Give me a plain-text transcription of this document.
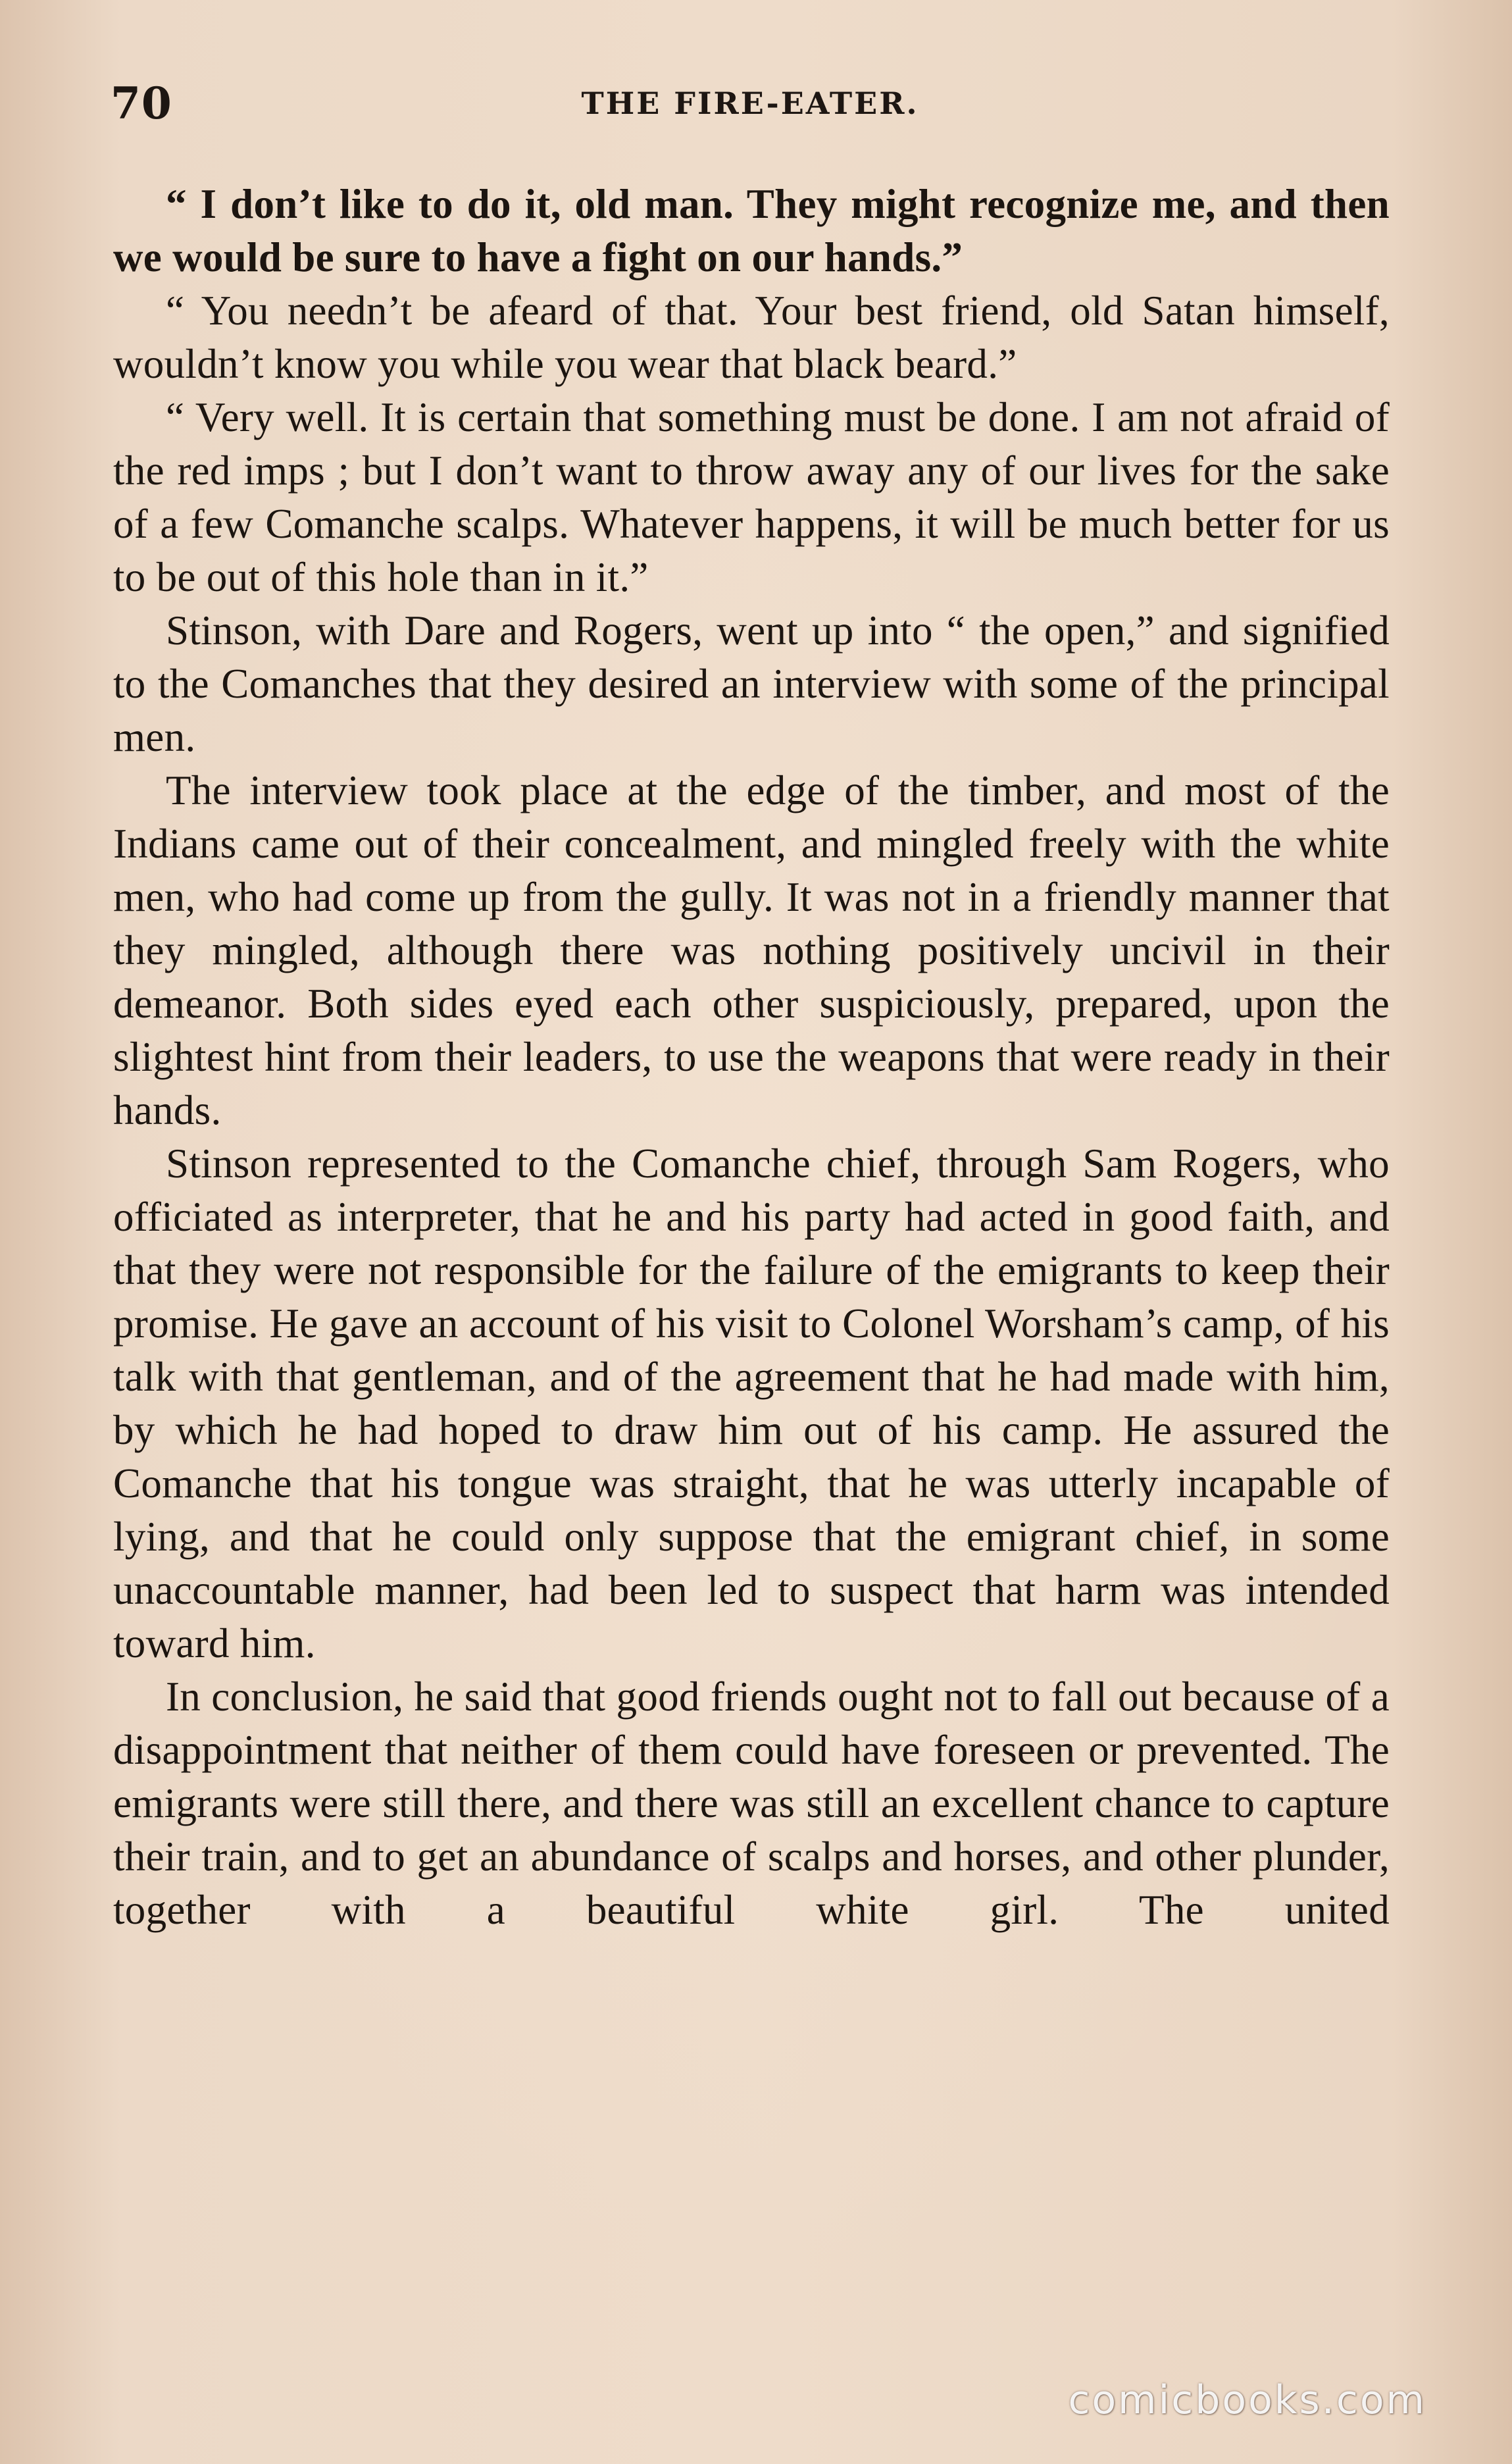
70	THE FIRE-EATER.

“ I don’t like to do it, old man. They might recognize me, and then we would be sure to have a fight on our hands.”

“ You needn’t be afeard of that. Your best friend, old Satan himself, wouldn’t know you while you wear that black beard.”

“ Very well. It is certain that something must be done. I am not afraid of the red imps ; but I don’t want to throw away any of our lives for the sake of a few Comanche scalps. Whatever happens, it will be much better for us to be out of this hole than in it.”

Stinson, with Dare and Rogers, went up into “ the open,” and signified to the Comanches that they desired an interview with some of the principal men.

The interview took place at the edge of the timber, and most of the Indians came out of their concealment, and mingled freely with the white men, who had come up from the gully. It was not in a friendly manner that they mingled, although there was nothing positively uncivil in their demeanor. Both sides eyed each other suspiciously, prepared, upon the slightest hint from their leaders, to use the weapons that were ready in their hands.

Stinson represented to the Comanche chief, through Sam Rogers, who officiated as interpreter, that he and his party had acted in good faith, and that they were not responsible for the failure of the emigrants to keep their promise. He gave an account of his visit to Colonel Worsham’s camp, of his talk with that gentleman, and of the agreement that he had made with him, by which he had hoped to draw him out of his camp. He assured the Comanche that his tongue was straight, that he was utterly incapable of lying, and that he could only suppose that the emigrant chief, in some unaccountable manner, had been led to suspect that harm was intended toward him.

In conclusion, he said that good friends ought not to fall out because of a disappointment that neither of them could have foreseen or prevented. The emigrants were still there, and there was still an excellent chance to capture their train, and to get an abundance of scalps and horses, and other plunder, together with a beautiful white girl. The united

comicbooks.com
